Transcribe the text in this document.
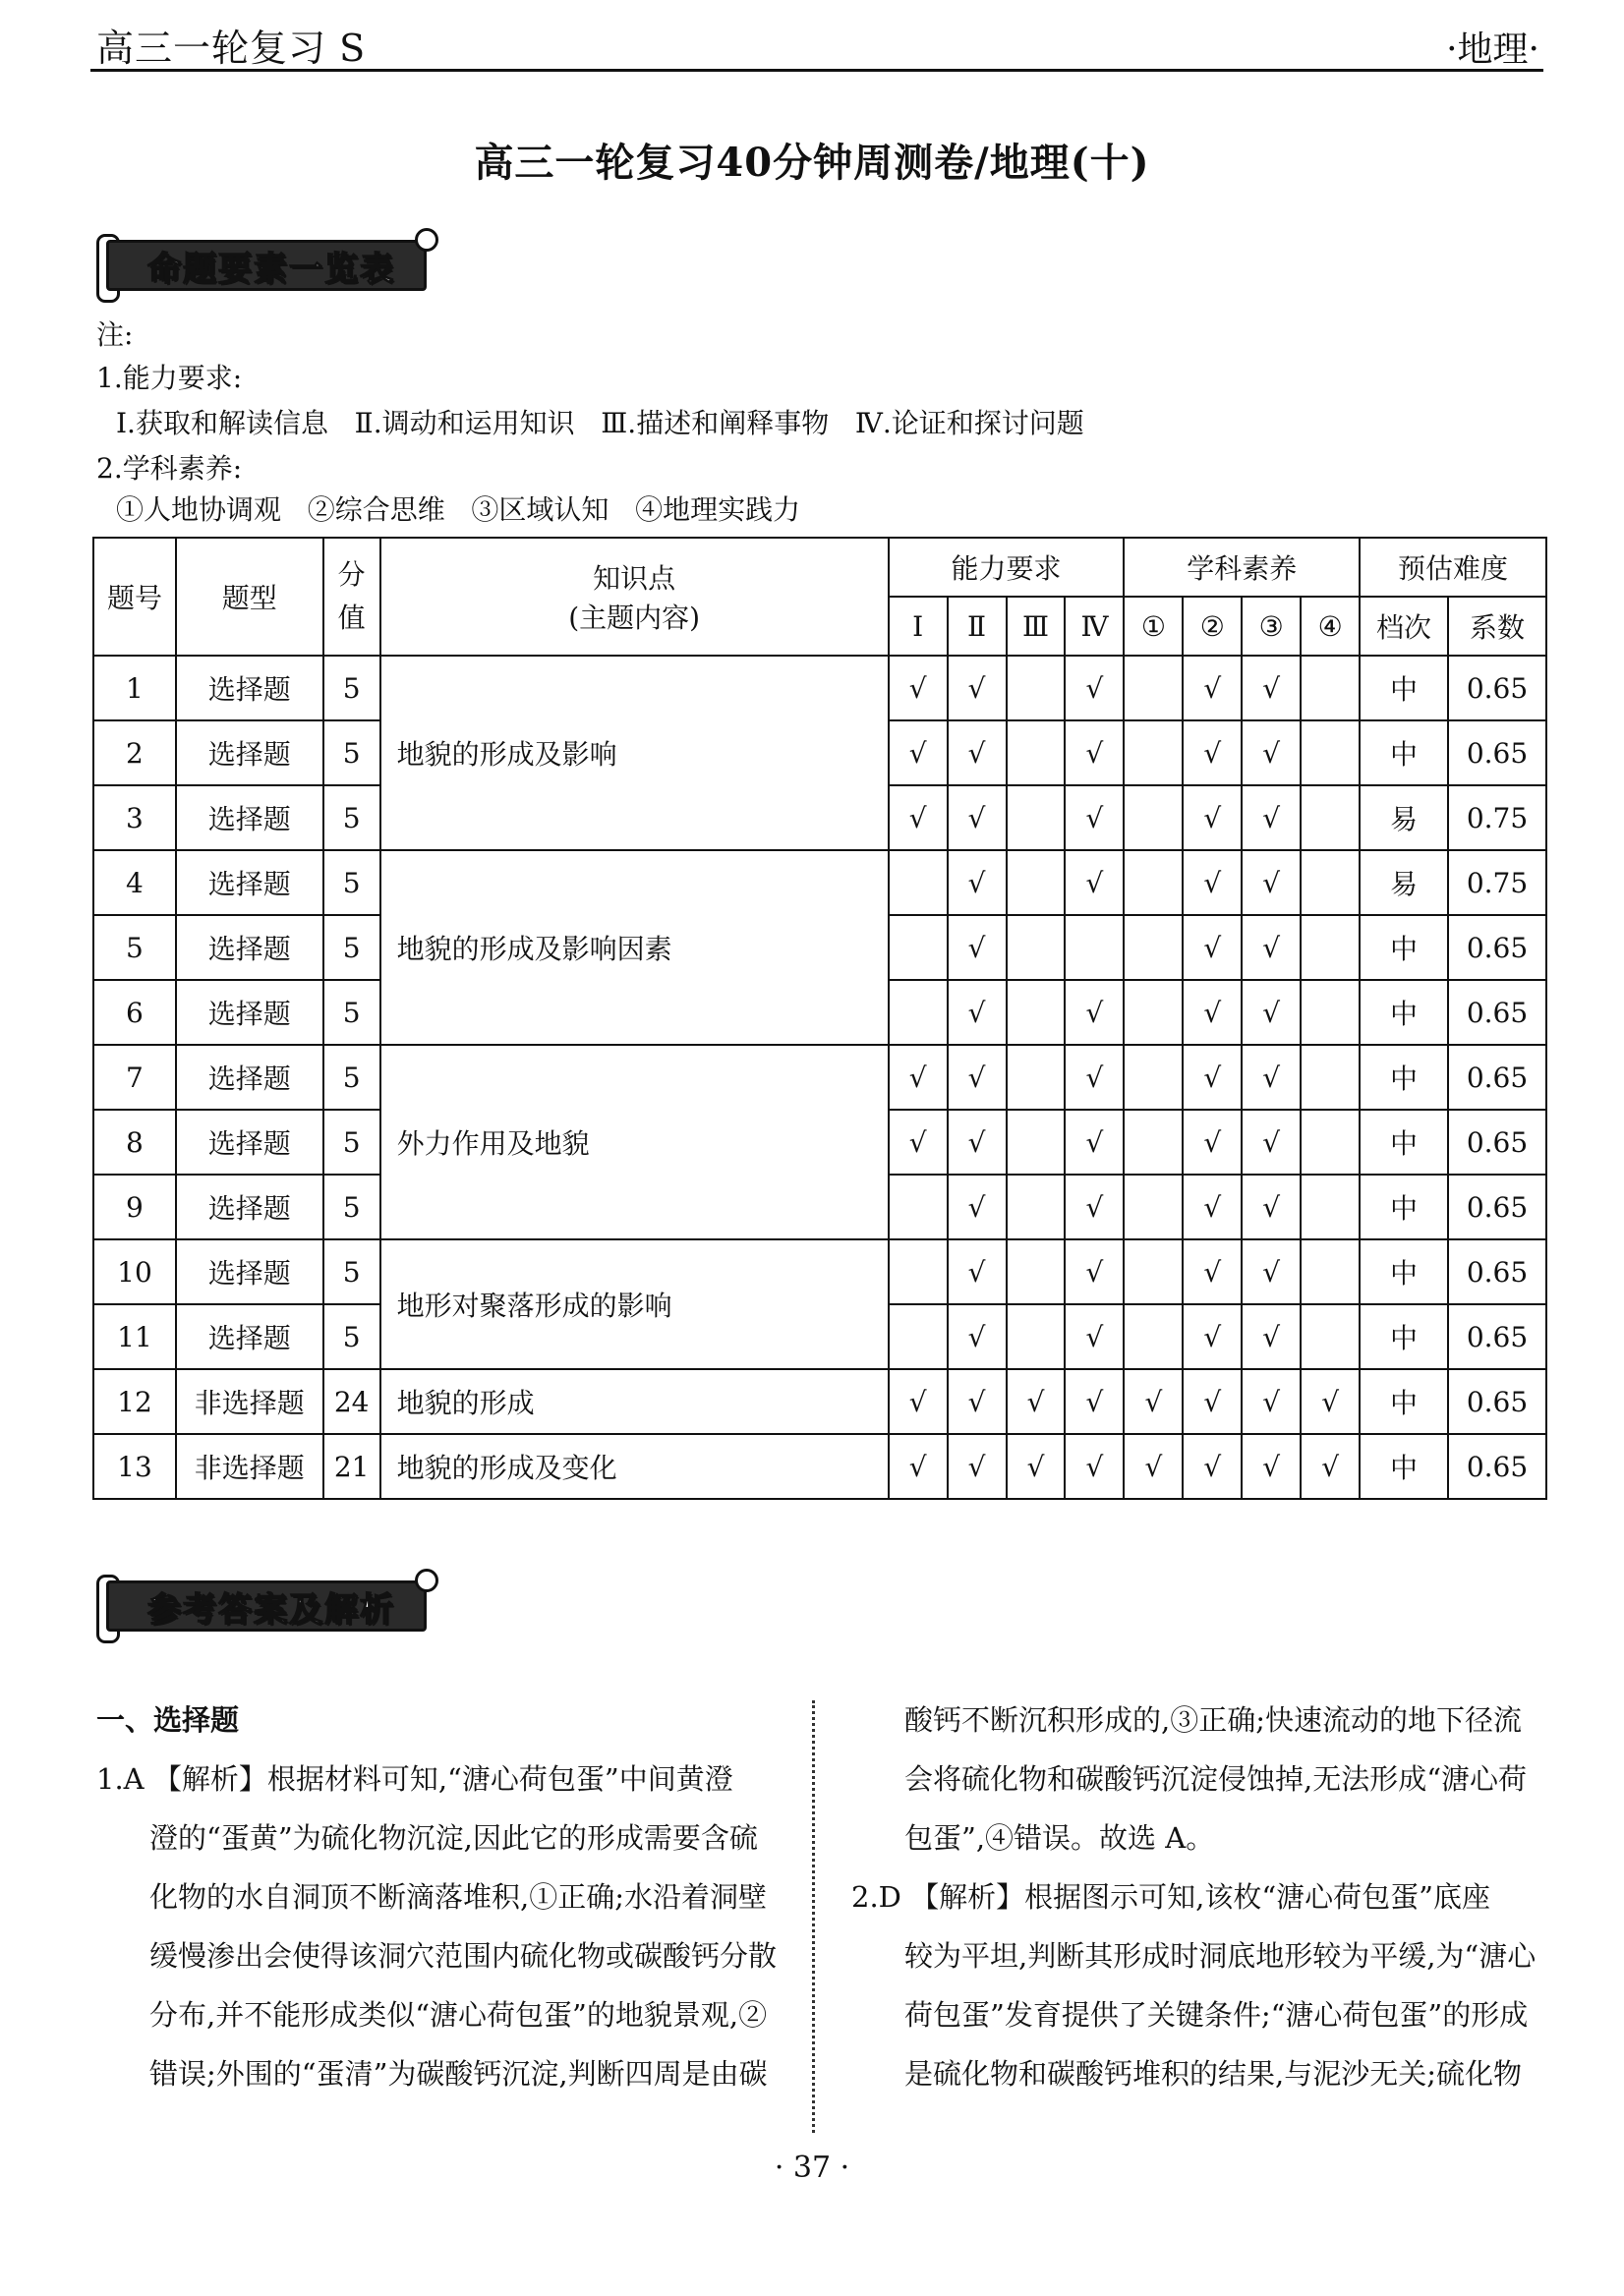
高三一轮复习 S	·地理·
高三一轮复习40分钟周测卷/地理(十)
命题要素一览表
注:
1.能力要求:
Ⅰ.获取和解读信息   Ⅱ.调动和运用知识   Ⅲ.描述和阐释事物   Ⅳ.论证和探讨问题
2.学科素养:
①人地协调观   ②综合思维   ③区域认知   ④地理实践力
题号	题型	分值	知识点
(主题内容)	能力要求				学科素养				预估难度	
				Ⅰ	Ⅱ	Ⅲ	Ⅳ	①	②	③	④	档次	系数
1	选择题	5	地貌的形成及影响	√	√		√		√	√		中	0.65
2	选择题	5		√	√		√		√	√		中	0.65
3	选择题	5		√	√		√		√	√		易	0.75
4	选择题	5	地貌的形成及影响因素		√		√		√	√		易	0.75
5	选择题	5			√				√	√		中	0.65
6	选择题	5			√		√		√	√		中	0.65
7	选择题	5	外力作用及地貌	√	√		√		√	√		中	0.65
8	选择题	5		√	√		√		√	√		中	0.65
9	选择题	5			√		√		√	√		中	0.65
10	选择题	5	地形对聚落形成的影响		√		√		√	√		中	0.65
11	选择题	5			√		√		√	√		中	0.65
12	非选择题	24	地貌的形成	√	√	√	√	√	√	√	√	中	0.65
13	非选择题	21	地貌的形成及变化	√	√	√	√	√	√	√	√	中	0.65
参考答案及解析

一、选择题

1.A 【解析】根据材料可知,“溏心荷包蛋”中间黄澄

澄的“蛋黄”为硫化物沉淀,因此它的形成需要含硫

化物的水自洞顶不断滴落堆积,①正确;水沿着洞壁

缓慢渗出会使得该洞穴范围内硫化物或碳酸钙分散

分布,并不能形成类似“溏心荷包蛋”的地貌景观,②

错误;外围的“蛋清”为碳酸钙沉淀,判断四周是由碳

酸钙不断沉积形成的,③正确;快速流动的地下径流

会将硫化物和碳酸钙沉淀侵蚀掉,无法形成“溏心荷

包蛋”,④错误。故选 A。

2.D 【解析】根据图示可知,该枚“溏心荷包蛋”底座

较为平坦,判断其形成时洞底地形较为平缓,为“溏心

荷包蛋”发育提供了关键条件;“溏心荷包蛋”的形成

是硫化物和碳酸钙堆积的结果,与泥沙无关;硫化物

· 37 ·
